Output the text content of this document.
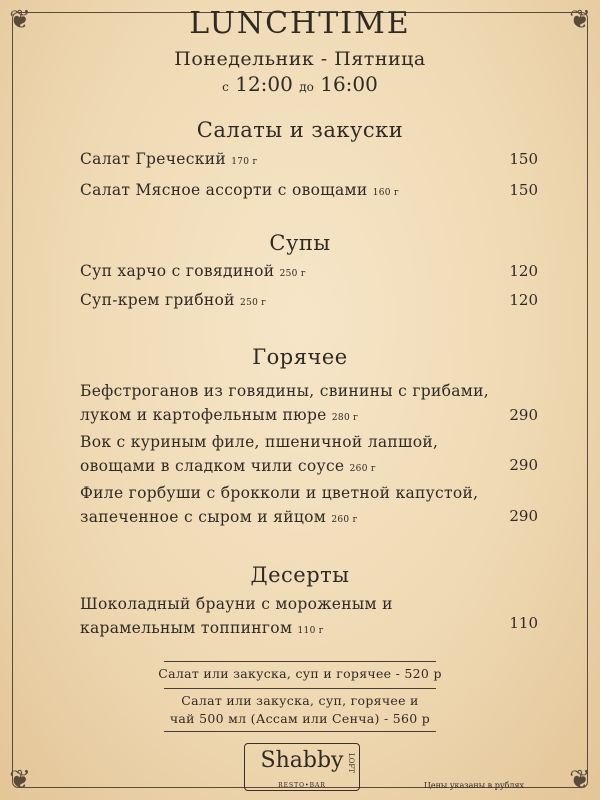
❦	❦
❦	❦
LUNCHTIME
Понедельник - Пятница
с 12:00 до 16:00
Салаты и закуски
Салат Греческий 170 г	150
Салат Мясное ассорти с овощами 160 г	150
Супы
Суп харчо с говядиной 250 г	120
Суп-крем грибной 250 г	120
Горячее
Бефстроганов из говядины, свинины с грибами,
луком и картофельным пюре 280 г	290
Вок с куриным филе, пшеничной лапшой,
овощами в сладком чили соусе 260 г	290
Филе горбуши с брокколи и цветной капустой,
запеченное с сыром и яйцом 260 г	290
Десерты
Шоколадный брауни с мороженым и
карамельным топпингом 110 г	110
Салат или закуска, суп и горячее - 520 р
Салат или закуска, суп, горячее и
чай 500 мл (Ассам или Сенча) - 560 р
Shabby LOFT
RESTO•BAR	Цены указаны в рублях
